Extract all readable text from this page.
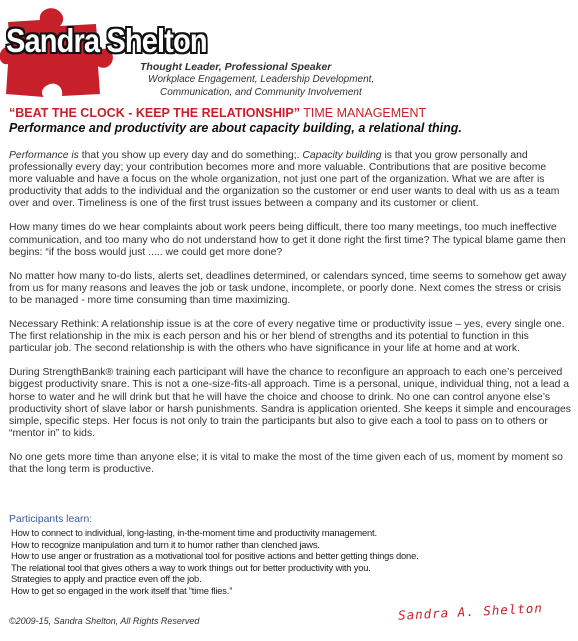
Sandra Shelton
Thought Leader, Professional Speaker
Workplace Engagement, Leadership Development,
Communication, and Community Involvement
“BEAT THE CLOCK - KEEP THE RELATIONSHIP” TIME MANAGEMENT
Performance and productivity are about capacity building, a relational thing.

Performance is that you show up every day and do something;. Capacity building is that you grow personally and professionally every day; your contribution becomes more and more valuable. Contributions that are positive become more valuable and have a focus on the whole organization, not just one part of the organization. What we are after is productivity that adds to the individual and the organization so the customer or end user wants to deal with us as a team over and over. Timeliness is one of the first trust issues between a company and its customer or client.

How many times do we hear complaints about work peers being difficult, there too many meetings, too much ineffective communication, and too many who do not understand how to get it done right the first time? The typical blame game then begins: “if the boss would just ..... we could get more done?

No matter how many to-do lists, alerts set, deadlines determined, or calendars synced, time seems to somehow get away from us for many reasons and leaves the job or task undone, incomplete, or poorly done. Next comes the stress or crisis to be managed - more time consuming than time maximizing.

Necessary Rethink: A relationship issue is at the core of every negative time or productivity issue – yes, every single one. The first relationship in the mix is each person and his or her blend of strengths and its potential to function in this particular job. The second relationship is with the others who have significance in your life at home and at work.

During StrengthBank® training each participant will have the chance to reconfigure an approach to each one’s perceived biggest productivity snare. This is not a one-size-fits-all approach. Time is a personal, unique, individual thing, not a lead a horse to water and he will drink but that he will have the choice and choose to drink. No one can control anyone else’s productivity short of slave labor or harsh punishments. Sandra is application oriented. She keeps it simple and encourages simple, specific steps. Her focus is not only to train the participants but also to give each a tool to pass on to others or “mentor in” to kids.

No one gets more time than anyone else; it is vital to make the most of the time given each of us, moment by moment so that the long term is productive.

Participants learn:
How to connect to individual, long-lasting, in-the-moment time and productivity management.
How to recognize manipulation and turn it to humor rather than clenched jaws.
How to use anger or frustration as a motivational tool for positive actions and better getting things done.
The relational tool that gives others a way to work things out for better productivity with you.
Strategies to apply and practice even off the job.
How to get so engaged in the work itself that “time flies.”
©2009-15, Sandra Shelton, All Rights Reserved	Sandra A. Shelton
